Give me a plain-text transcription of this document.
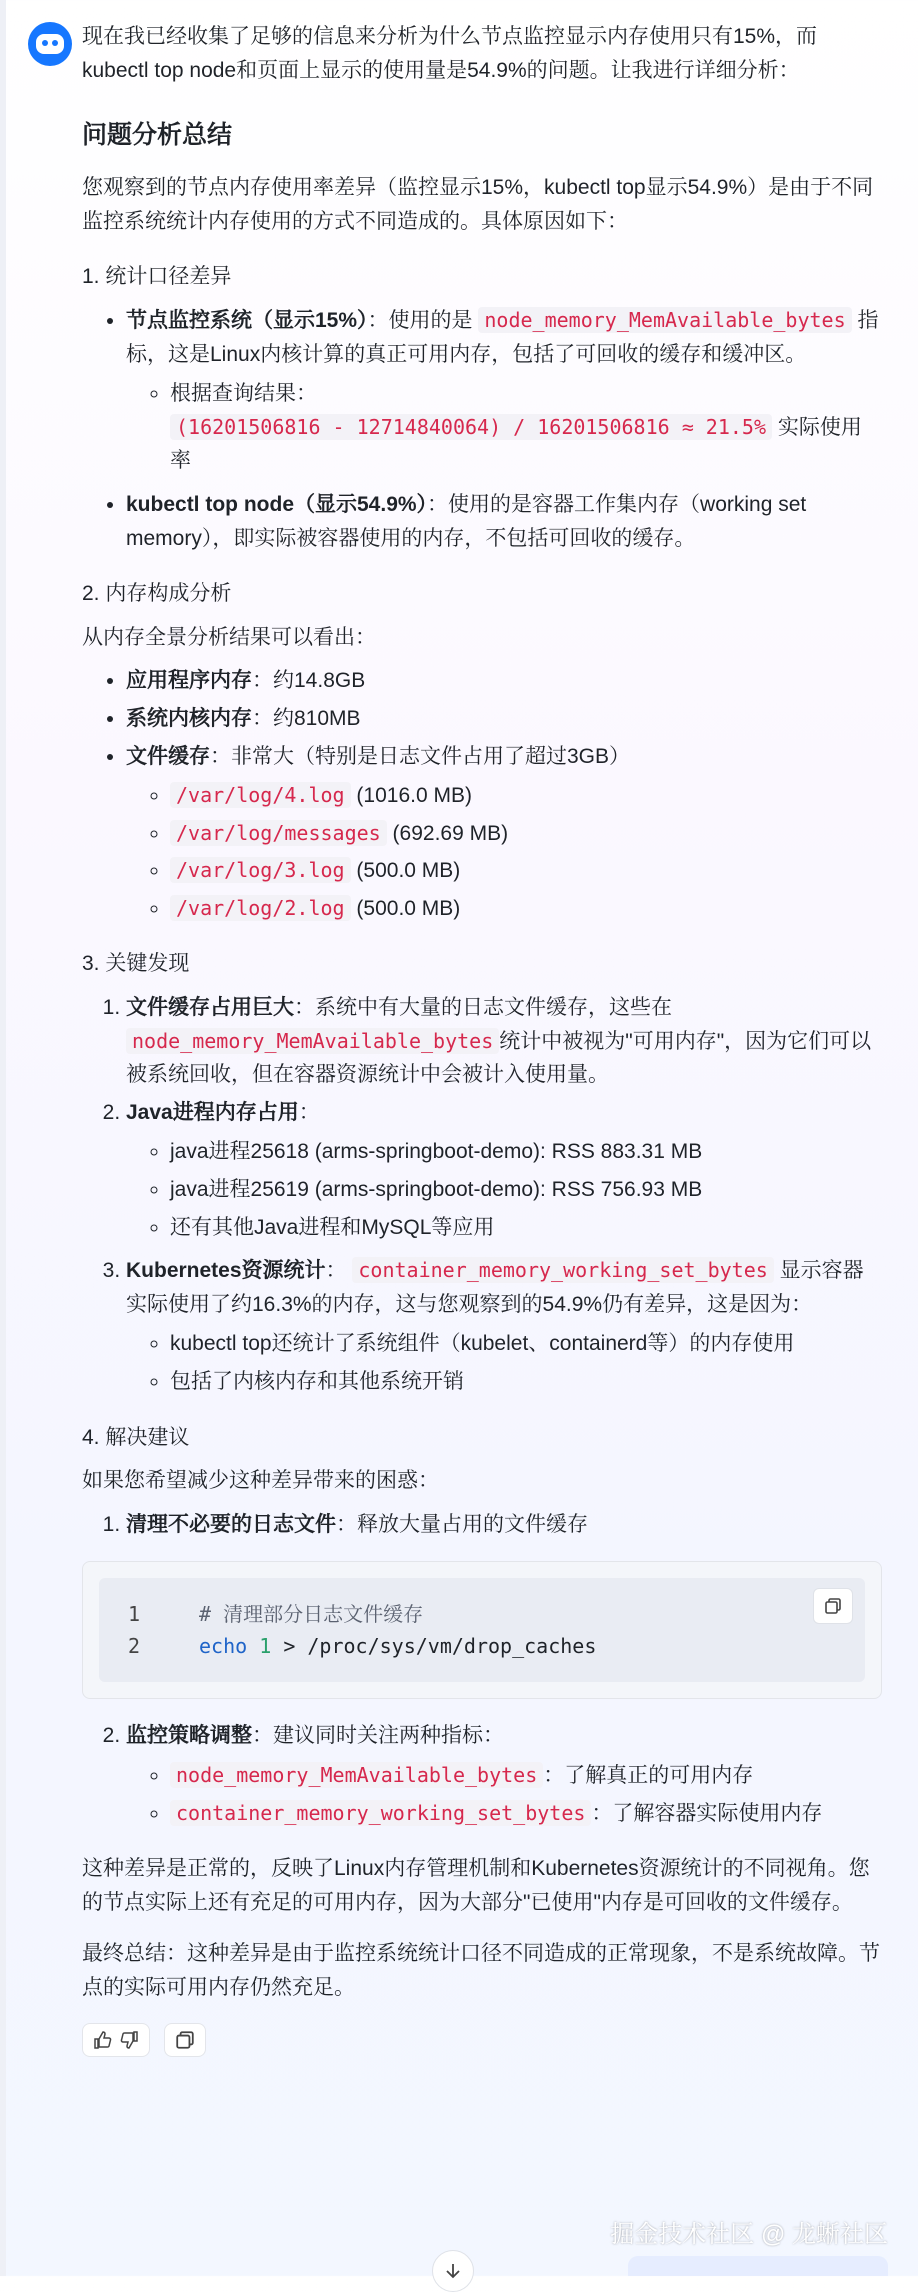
现在我已经收集了足够的信息来分析为什么节点监控显示内存使用只有15%，而kubectl top node和页面上显示的使用量是54.9%的问题。让我进行详细分析：

问题分析总结

您观察到的节点内存使用率差异（监控显示15%，kubectl top显示54.9%）是由于不同监控系统统计内存使用的方式不同造成的。具体原因如下：

1. 统计口径差异
• 节点监控系统（显示15%）：使用的是 node_memory_MemAvailable_bytes 指标，这是Linux内核计算的真正可用内存，包括了可回收的缓存和缓冲区。
◦ 根据查询结果：
(16201506816 - 12714840064) / 16201506816 ≈ 21.5% 实际使用率
• kubectl top node（显示54.9%）：使用的是容器工作集内存（working set memory），即实际被容器使用的内存，不包括可回收的缓存。
2. 内存构成分析

从内存全景分析结果可以看出：

• 应用程序内存：约14.8GB
• 系统内核内存：约810MB
• 文件缓存：非常大（特别是日志文件占用了超过3GB）
◦ /var/log/4.log (1016.0 MB)
◦ /var/log/messages (692.69 MB)
◦ /var/log/3.log (500.0 MB)
◦ /var/log/2.log (500.0 MB)
3. 关键发现
1. 文件缓存占用巨大：系统中有大量的日志文件缓存，这些在 node_memory_MemAvailable_bytes 统计中被视为"可用内存"，因为它们可以被系统回收，但在容器资源统计中会被计入使用量。
2. Java进程内存占用：
◦ java进程25618 (arms-springboot-demo): RSS 883.31 MB
◦ java进程25619 (arms-springboot-demo): RSS 756.93 MB
◦ 还有其他Java进程和MySQL等应用
3. Kubernetes资源统计： container_memory_working_set_bytes 显示容器实际使用了约16.3%的内存，这与您观察到的54.9%仍有差异，这是因为：
◦ kubectl top还统计了系统组件（kubelet、containerd等）的内存使用
◦ 包括了内核内存和其他系统开销
4. 解决建议

如果您希望减少这种差异带来的困惑：

1. 清理不必要的日志文件：释放大量占用的文件缓存
1	# 清理部分日志文件缓存
2	echo 1 > /proc/sys/vm/drop_caches
2. 监控策略调整：建议同时关注两种指标：
◦ node_memory_MemAvailable_bytes ：了解真正的可用内存
◦ container_memory_working_set_bytes ：了解容器实际使用内存

这种差异是正常的，反映了Linux内存管理机制和Kubernetes资源统计的不同视角。您的节点实际上还有充足的可用内存，因为大部分"已使用"内存是可回收的文件缓存。

最终总结：这种差异是由于监控系统统计口径不同造成的正常现象，不是系统故障。节点的实际可用内存仍然充足。

掘金技术社区 @ 龙蜥社区
